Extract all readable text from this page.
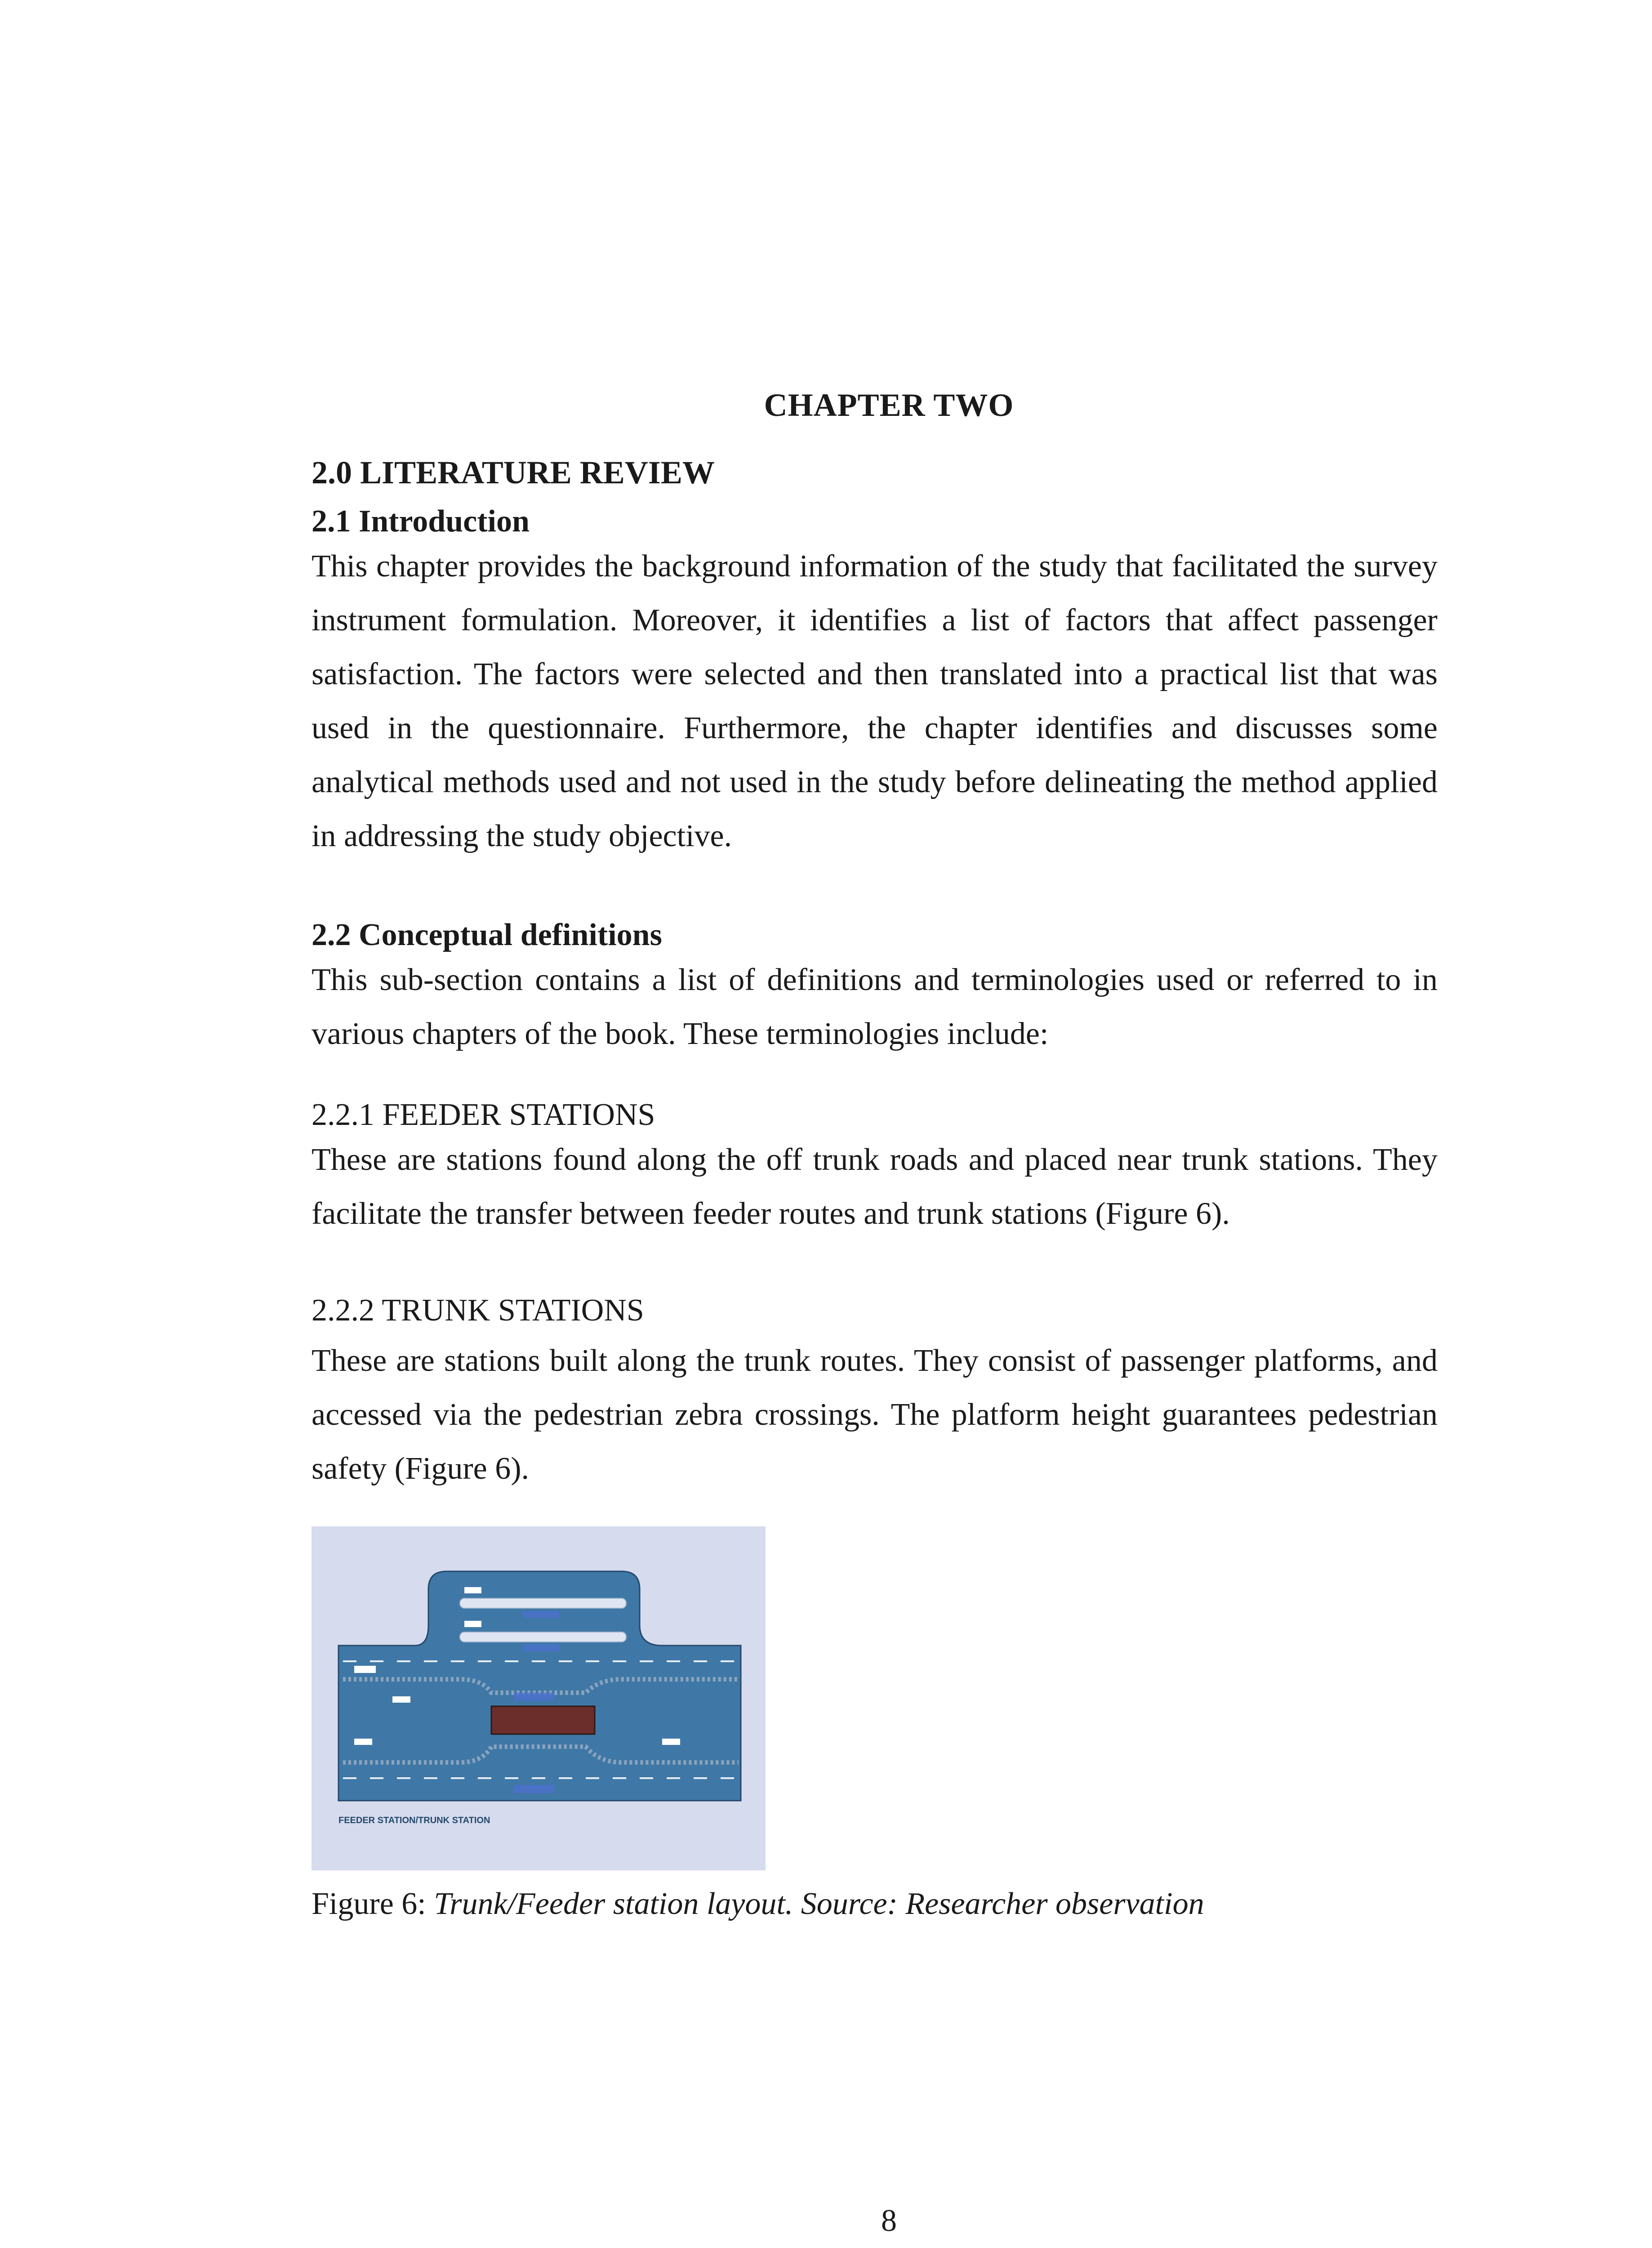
CHAPTER TWO
2.0 LITERATURE REVIEW

2.1 Introduction

This chapter provides the background information of the study that facilitated the survey instrument formulation. Moreover, it identifies a list of factors that affect passenger satisfaction. The factors were selected and then translated into a practical list that was used in the questionnaire. Furthermore, the chapter identifies and discusses some analytical methods used and not used in the study before delineating the method applied in addressing the study objective.

2.2 Conceptual definitions

This sub-section contains a list of definitions and terminologies used or referred to in various chapters of the book. These terminologies include:

2.2.1 FEEDER STATIONS

These are stations found along the off trunk roads and placed near trunk stations. They facilitate the transfer between feeder routes and trunk stations (Figure 6).

2.2.2 TRUNK STATIONS

These are stations built along the trunk routes. They consist of passenger platforms, and accessed via the pedestrian zebra crossings. The platform height guarantees pedestrian safety (Figure 6).

FEEDER STATION/TRUNK STATION
Figure 6: Trunk/Feeder station layout. Source: Researcher observation
8
